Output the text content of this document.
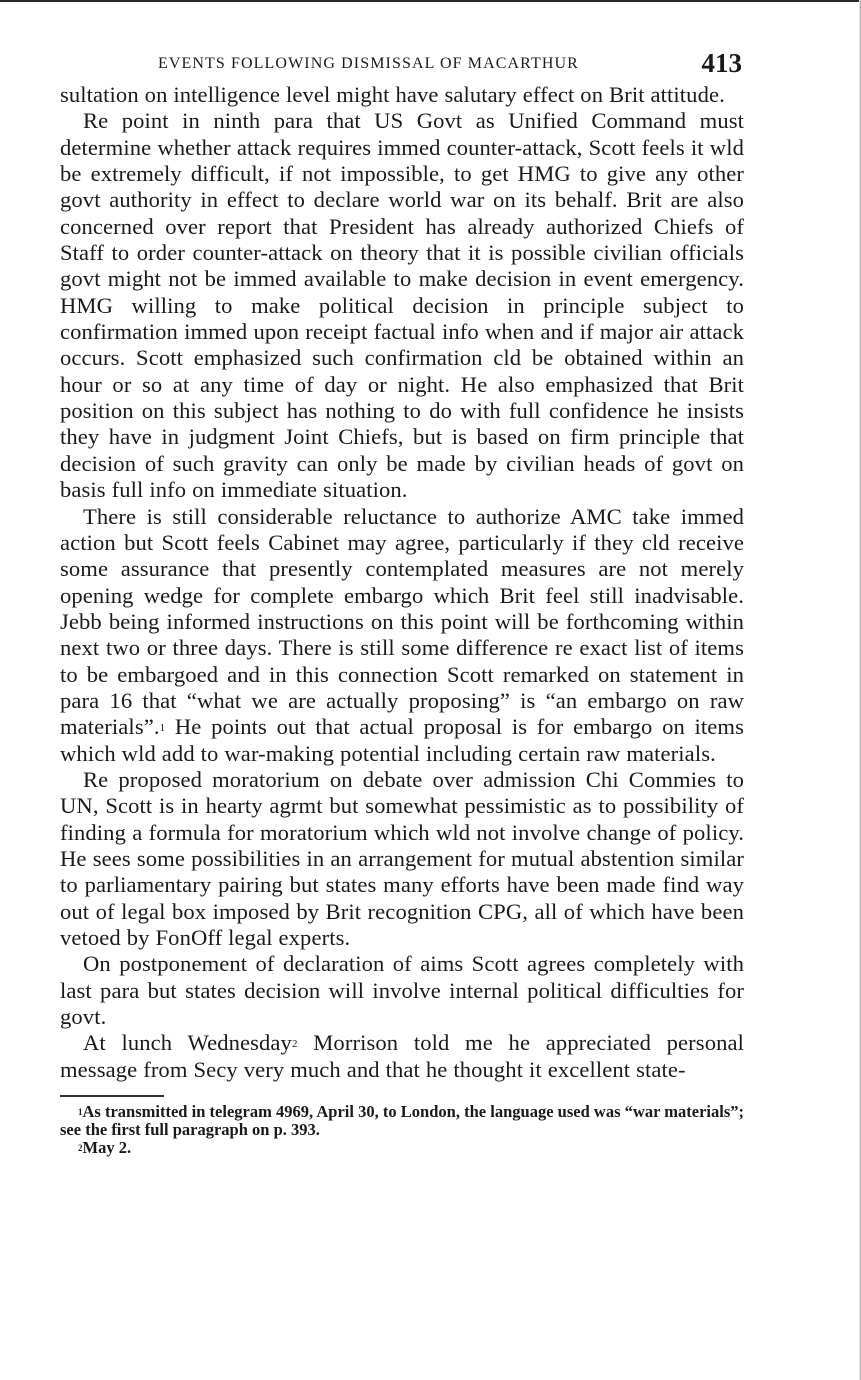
EVENTS FOLLOWING DISMISSAL OF MACARTHUR	413

sultation on intelligence level might have salutary effect on Brit attitude.

Re point in ninth para that US Govt as Unified Command must determine whether attack requires immed counter-attack, Scott feels it wld be extremely difficult, if not impossible, to get HMG to give any other govt authority in effect to declare world war on its behalf. Brit are also concerned over report that President has already authorized Chiefs of Staff to order counter-attack on theory that it is possible civilian officials govt might not be immed available to make decision in event emergency. HMG willing to make political decision in principle subject to confirmation immed upon receipt factual info when and if major air attack occurs. Scott emphasized such confirmation cld be obtained within an hour or so at any time of day or night. He also emphasized that Brit position on this subject has nothing to do with full confidence he insists they have in judgment Joint Chiefs, but is based on firm principle that decision of such gravity can only be made by civilian heads of govt on basis full info on immediate situation.

There is still considerable reluctance to authorize AMC take immed action but Scott feels Cabinet may agree, particularly if they cld receive some assurance that presently contemplated measures are not merely opening wedge for complete embargo which Brit feel still inadvisable. Jebb being informed instructions on this point will be forthcoming within next two or three days. There is still some difference re exact list of items to be embargoed and in this connection Scott remarked on statement in para 16 that “what we are actually proposing” is “an embargo on raw materials”.$^1$ He points out that actual proposal is for embargo on items which wld add to war-making potential including certain raw materials.

Re proposed moratorium on debate over admission Chi Commies to UN, Scott is in hearty agrmt but somewhat pessimistic as to possibility of finding a formula for moratorium which wld not involve change of policy. He sees some possibilities in an arrangement for mutual abstention similar to parliamentary pairing but states many efforts have been made find way out of legal box imposed by Brit recognition CPG, all of which have been vetoed by FonOff legal experts.

On postponement of declaration of aims Scott agrees completely with last para but states decision will involve internal political difficulties for govt.

At lunch Wednesday$^2$ Morrison told me he appreciated personal message from Secy very much and that he thought it excellent state-

$^1$As transmitted in telegram 4969, April 30, to London, the language used was “war materials”; see the first full paragraph on p. 393.

$^2$May 2.
